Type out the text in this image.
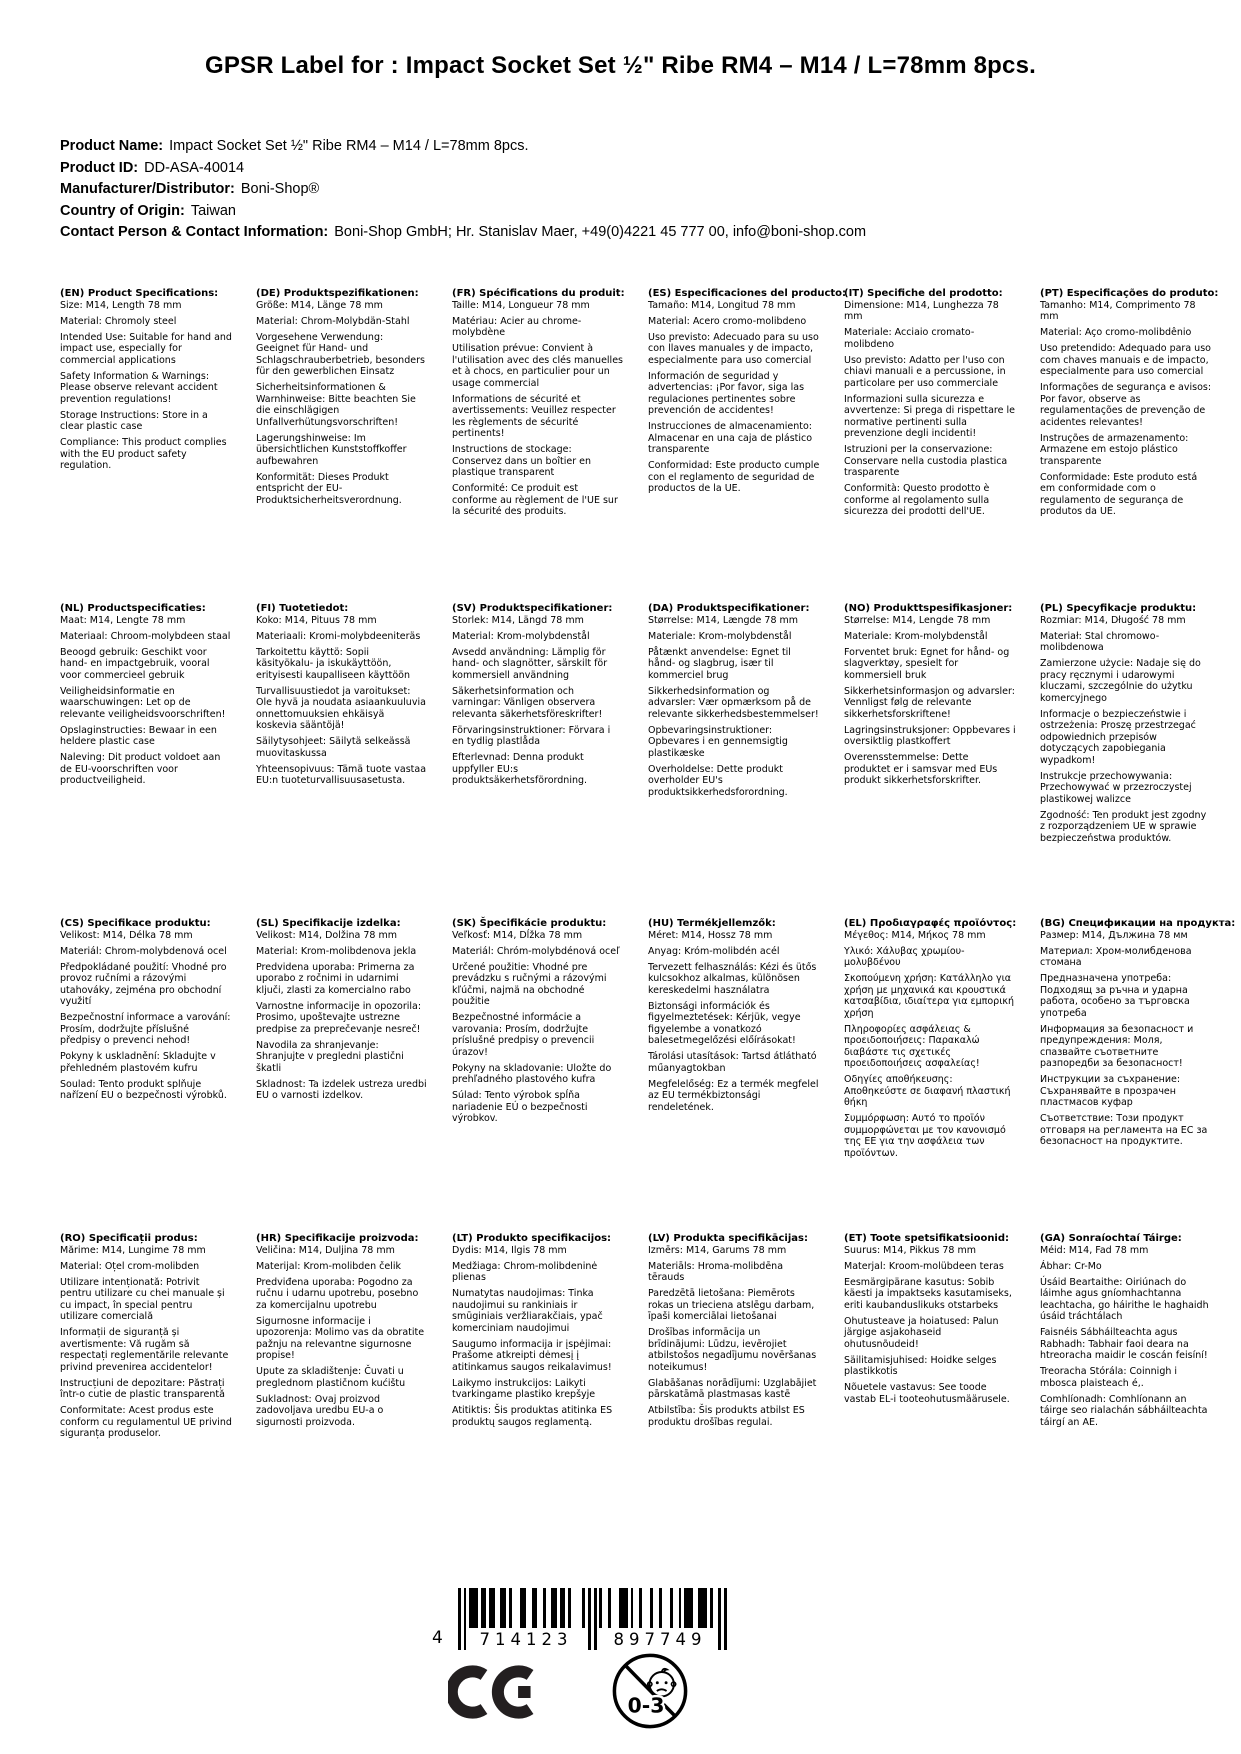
GPSR Label for : Impact Socket Set ½" Ribe RM4 – M14 / L=78mm 8pcs.
Product Name: Impact Socket Set ½" Ribe RM4 – M14 / L=78mm 8pcs.
Product ID: DD-ASA-40014
Manufacturer/Distributor: Boni-Shop®
Country of Origin: Taiwan
Contact Person & Contact Information: Boni-Shop GmbH; Hr. Stanislav Maer, +49(0)4221 45 777 00, info@boni-shop.com
(EN) Product Specifications:

Size: M14, Length 78 mm

Material: Chromoly steel

Intended Use: Suitable for hand and impact use, especially for commercial applications

Safety Information & Warnings: Please observe relevant accident prevention regulations!

Storage Instructions: Store in a clear plastic case

Compliance: This product complies with the EU product safety regulation.

(DE) Produktspezifikationen:

Größe: M14, Länge 78 mm

Material: Chrom-Molybdän-Stahl

Vorgesehene Verwendung: Geeignet für Hand- und Schlagschrauberbetrieb, besonders für den gewerblichen Einsatz

Sicherheitsinformationen & Warnhinweise: Bitte beachten Sie die einschlägigen Unfallverhütungsvorschriften!

Lagerungshinweise: Im übersichtlichen Kunststoffkoffer aufbewahren

Konformität: Dieses Produkt entspricht der EU-Produktsicherheitsverordnung.

(FR) Spécifications du produit:

Taille: M14, Longueur 78 mm

Matériau: Acier au chrome-molybdène

Utilisation prévue: Convient à l'utilisation avec des clés manuelles et à chocs, en particulier pour un usage commercial

Informations de sécurité et avertissements: Veuillez respecter les règlements de sécurité pertinents!

Instructions de stockage: Conservez dans un boîtier en plastique transparent

Conformité: Ce produit est conforme au règlement de l'UE sur la sécurité des produits.

(ES) Especificaciones del producto:

Tamaño: M14, Longitud 78 mm

Material: Acero cromo-molibdeno

Uso previsto: Adecuado para su uso con llaves manuales y de impacto, especialmente para uso comercial

Información de seguridad y advertencias: ¡Por favor, siga las regulaciones pertinentes sobre prevención de accidentes!

Instrucciones de almacenamiento: Almacenar en una caja de plástico transparente

Conformidad: Este producto cumple con el reglamento de seguridad de productos de la UE.

(IT) Specifiche del prodotto:

Dimensione: M14, Lunghezza 78 mm

Materiale: Acciaio cromato-molibdeno

Uso previsto: Adatto per l'uso con chiavi manuali e a percussione, in particolare per uso commerciale

Informazioni sulla sicurezza e avvertenze: Si prega di rispettare le normative pertinenti sulla prevenzione degli incidenti!

Istruzioni per la conservazione: Conservare nella custodia plastica trasparente

Conformità: Questo prodotto è conforme al regolamento sulla sicurezza dei prodotti dell'UE.

(PT) Especificações do produto:

Tamanho: M14, Comprimento 78 mm

Material: Aço cromo-molibdênio

Uso pretendido: Adequado para uso com chaves manuais e de impacto, especialmente para uso comercial

Informações de segurança e avisos: Por favor, observe as regulamentações de prevenção de acidentes relevantes!

Instruções de armazenamento: Armazene em estojo plástico transparente

Conformidade: Este produto está em conformidade com o regulamento de segurança de produtos da UE.

(NL) Productspecificaties:

Maat: M14, Lengte 78 mm

Materiaal: Chroom-molybdeen staal

Beoogd gebruik: Geschikt voor hand- en impactgebruik, vooral voor commercieel gebruik

Veiligheidsinformatie en waarschuwingen: Let op de relevante veiligheidsvoorschriften!

Opslaginstructies: Bewaar in een heldere plastic case

Naleving: Dit product voldoet aan de EU-voorschriften voor productveiligheid.

(FI) Tuotetiedot:

Koko: M14, Pituus 78 mm

Materiaali: Kromi-molybdeeniteräs

Tarkoitettu käyttö: Sopii käsityökalu- ja iskukäyttöön, erityisesti kaupalliseen käyttöön

Turvallisuustiedot ja varoitukset: Ole hyvä ja noudata asiaankuuluvia onnettomuuksien ehkäisyä koskevia sääntöjä!

Säilytysohjeet: Säilytä selkeässä muovitaskussa

Yhteensopivuus: Tämä tuote vastaa EU:n tuoteturvallisuusasetusta.

(SV) Produktspecifikationer:

Storlek: M14, Längd 78 mm

Material: Krom-molybdenstål

Avsedd användning: Lämplig för hand- och slagnötter, särskilt för kommersiell användning

Säkerhetsinformation och varningar: Vänligen observera relevanta säkerhetsföreskrifter!

Förvaringsinstruktioner: Förvara i en tydlig plastlåda

Efterlevnad: Denna produkt uppfyller EU:s produktsäkerhetsförordning.

(DA) Produktspecifikationer:

Størrelse: M14, Længde 78 mm

Materiale: Krom-molybdenstål

Påtænkt anvendelse: Egnet til hånd- og slagbrug, især til kommerciel brug

Sikkerhedsinformation og advarsler: Vær opmærksom på de relevante sikkerhedsbestemmelser!

Opbevaringsinstruktioner: Opbevares i en gennemsigtig plastikæske

Overholdelse: Dette produkt overholder EU's produktsikkerhedsforordning.

(NO) Produkttspesifikasjoner:

Størrelse: M14, Lengde 78 mm

Materiale: Krom-molybdenstål

Forventet bruk: Egnet for hånd- og slagverktøy, spesielt for kommersiell bruk

Sikkerhetsinformasjon og advarsler: Vennligst følg de relevante sikkerhetsforskriftene!

Lagringsinstruksjoner: Oppbevares i oversiktlig plastkoffert

Overensstemmelse: Dette produktet er i samsvar med EUs produkt sikkerhetsforskrifter.

(PL) Specyfikacje produktu:

Rozmiar: M14, Długość 78 mm

Materiał: Stal chromowo-molibdenowa

Zamierzone użycie: Nadaje się do pracy ręcznymi i udarowymi kluczami, szczególnie do użytku komercyjnego

Informacje o bezpieczeństwie i ostrzeżenia: Proszę przestrzegać odpowiednich przepisów dotyczących zapobiegania wypadkom!

Instrukcje przechowywania: Przechowywać w przezroczystej plastikowej walizce

Zgodność: Ten produkt jest zgodny z rozporządzeniem UE w sprawie bezpieczeństwa produktów.

(CS) Specifikace produktu:

Velikost: M14, Délka 78 mm

Materiál: Chrom-molybdenová ocel

Předpokládané použití: Vhodné pro provoz ručními a rázovými utahováky, zejména pro obchodní využití

Bezpečnostní informace a varování: Prosím, dodržujte příslušné předpisy o prevenci nehod!

Pokyny k uskladnění: Skladujte v přehledném plastovém kufru

Soulad: Tento produkt splňuje nařízení EU o bezpečnosti výrobků.

(SL) Specifikacije izdelka:

Velikost: M14, Dolžina 78 mm

Material: Krom-molibdenova jekla

Predvidena uporaba: Primerna za uporabo z ročnimi in udarnimi ključi, zlasti za komercialno rabo

Varnostne informacije in opozorila: Prosimo, upoštevajte ustrezne predpise za preprečevanje nesreč!

Navodila za shranjevanje: Shranjujte v pregledni plastični škatli

Skladnost: Ta izdelek ustreza uredbi EU o varnosti izdelkov.

(SK) Špecifikácie produktu:

Veľkosť: M14, Dĺžka 78 mm

Materiál: Chróm-molybdénová oceľ

Určené použitie: Vhodné pre prevádzku s ručnými a rázovými kľúčmi, najmä na obchodné použitie

Bezpečnostné informácie a varovania: Prosím, dodržujte príslušné predpisy o prevencii úrazov!

Pokyny na skladovanie: Uložte do prehľadného plastového kufra

Súlad: Tento výrobok spĺňa nariadenie EÚ o bezpečnosti výrobkov.

(HU) Termékjellemzők:

Méret: M14, Hossz 78 mm

Anyag: Króm-molibdén acél

Tervezett felhasználás: Kézi és ütős kulcsokhoz alkalmas, különösen kereskedelmi használatra

Biztonsági információk és figyelmeztetések: Kérjük, vegye figyelembe a vonatkozó balesetmegelőzési előírásokat!

Tárolási utasítások: Tartsd átlátható műanyagtokban

Megfelelőség: Ez a termék megfelel az EU termékbiztonsági rendeletének.

(EL) Προδιαγραφές προϊόντος:

Μέγεθος: M14, Μήκος 78 mm

Υλικό: Χάλυβας χρωμίου-μολυβδένου

Σκοπούμενη χρήση: Κατάλληλο για χρήση με μηχανικά και κρουστικά κατσαβίδια, ιδιαίτερα για εμπορική χρήση

Πληροφορίες ασφάλειας & προειδοποιήσεις: Παρακαλώ διαβάστε τις σχετικές προειδοποιήσεις ασφαλείας!

Οδηγίες αποθήκευσης: Αποθηκεύστε σε διαφανή πλαστική θήκη

Συμμόρφωση: Αυτό το προϊόν συμμορφώνεται με τον κανονισμό της ΕΕ για την ασφάλεια των προϊόντων.

(BG) Спецификации на продукта:

Размер: M14, Дължина 78 мм

Материал: Хром-молибденова стомана

Предназначена употреба: Подходящ за ръчна и ударна работа, особено за търговска употреба

Информация за безопасност и предупреждения: Моля, спазвайте съответните разпоредби за безопасност!

Инструкции за съхранение: Съхранявайте в прозрачен пластмасов куфар

Съответствие: Този продукт отговаря на регламента на ЕС за безопасност на продуктите.

(RO) Specificații produs:

Mărime: M14, Lungime 78 mm

Material: Oțel crom-molibden

Utilizare intenționată: Potrivit pentru utilizare cu chei manuale și cu impact, în special pentru utilizare comercială

Informații de siguranță și avertismente: Vă rugăm să respectați reglementările relevante privind prevenirea accidentelor!

Instrucțiuni de depozitare: Păstrați într-o cutie de plastic transparentă

Conformitate: Acest produs este conform cu regulamentul UE privind siguranța produselor.

(HR) Specifikacije proizvoda:

Veličina: M14, Duljina 78 mm

Materijal: Krom-molibden čelik

Predviđena uporaba: Pogodno za ručnu i udarnu upotrebu, posebno za komercijalnu upotrebu

Sigurnosne informacije i upozorenja: Molimo vas da obratite pažnju na relevantne sigurnosne propise!

Upute za skladištenje: Čuvati u preglednom plastičnom kućištu

Sukladnost: Ovaj proizvod zadovoljava uredbu EU-a o sigurnosti proizvoda.

(LT) Produkto specifikacijos:

Dydis: M14, Ilgis 78 mm

Medžiaga: Chrom-molibdeninė plienas

Numatytas naudojimas: Tinka naudojimui su rankiniais ir smūginiais veržliarakčiais, ypač komerciniam naudojimui

Saugumo informacija ir įspėjimai: Prašome atkreipti dėmesį į atitinkamus saugos reikalavimus!

Laikymo instrukcijos: Laikyti tvarkingame plastiko krepšyje

Atitiktis: Šis produktas atitinka ES produktų saugos reglamentą.

(LV) Produkta specifikācijas:

Izmērs: M14, Garums 78 mm

Materiāls: Hroma-molibdēna tērauds

Paredzētā lietošana: Piemērots rokas un trieciena atslēgu darbam, īpaši komerciālai lietošanai

Drošības informācija un brīdinājumi: Lūdzu, ievērojiet atbilstošos negadījumu novēršanas noteikumus!

Glabāšanas norādījumi: Uzglabājiet pārskatāmā plastmasas kastē

Atbilstība: Šis produkts atbilst ES produktu drošības regulai.

(ET) Toote spetsifikatsioonid:

Suurus: M14, Pikkus 78 mm

Materjal: Kroom-molübdeen teras

Eesmärgipärane kasutus: Sobib käesti ja impaktseks kasutamiseks, eriti kaubanduslikuks otstarbeks

Ohutusteave ja hoiatused: Palun järgige asjakohaseid ohutusnõudeid!

Säilitamisjuhised: Hoidke selges plastikkotis

Nõuetele vastavus: See toode vastab EL-i tooteohutusmäärusele.

(GA) Sonraíochtaí Táirge:

Méid: M14, Fad 78 mm

Ábhar: Cr-Mo

Úsáid Beartaithe: Oiriúnach do láimhe agus gníomhachtanna leachtacha, go háirithe le haghaidh úsáid tráchtálach

Faisnéis Sábháilteachta agus Rabhadh: Tabhair faoi deara na htreoracha maidir le coscán feisíní!

Treoracha Stórála: Coinnigh i mbosca plaisteach é,.

Comhlíonadh: Comhlíonann an táirge seo rialachán sábháilteachta táirgí an AE.

4	714123	897749
0-3
